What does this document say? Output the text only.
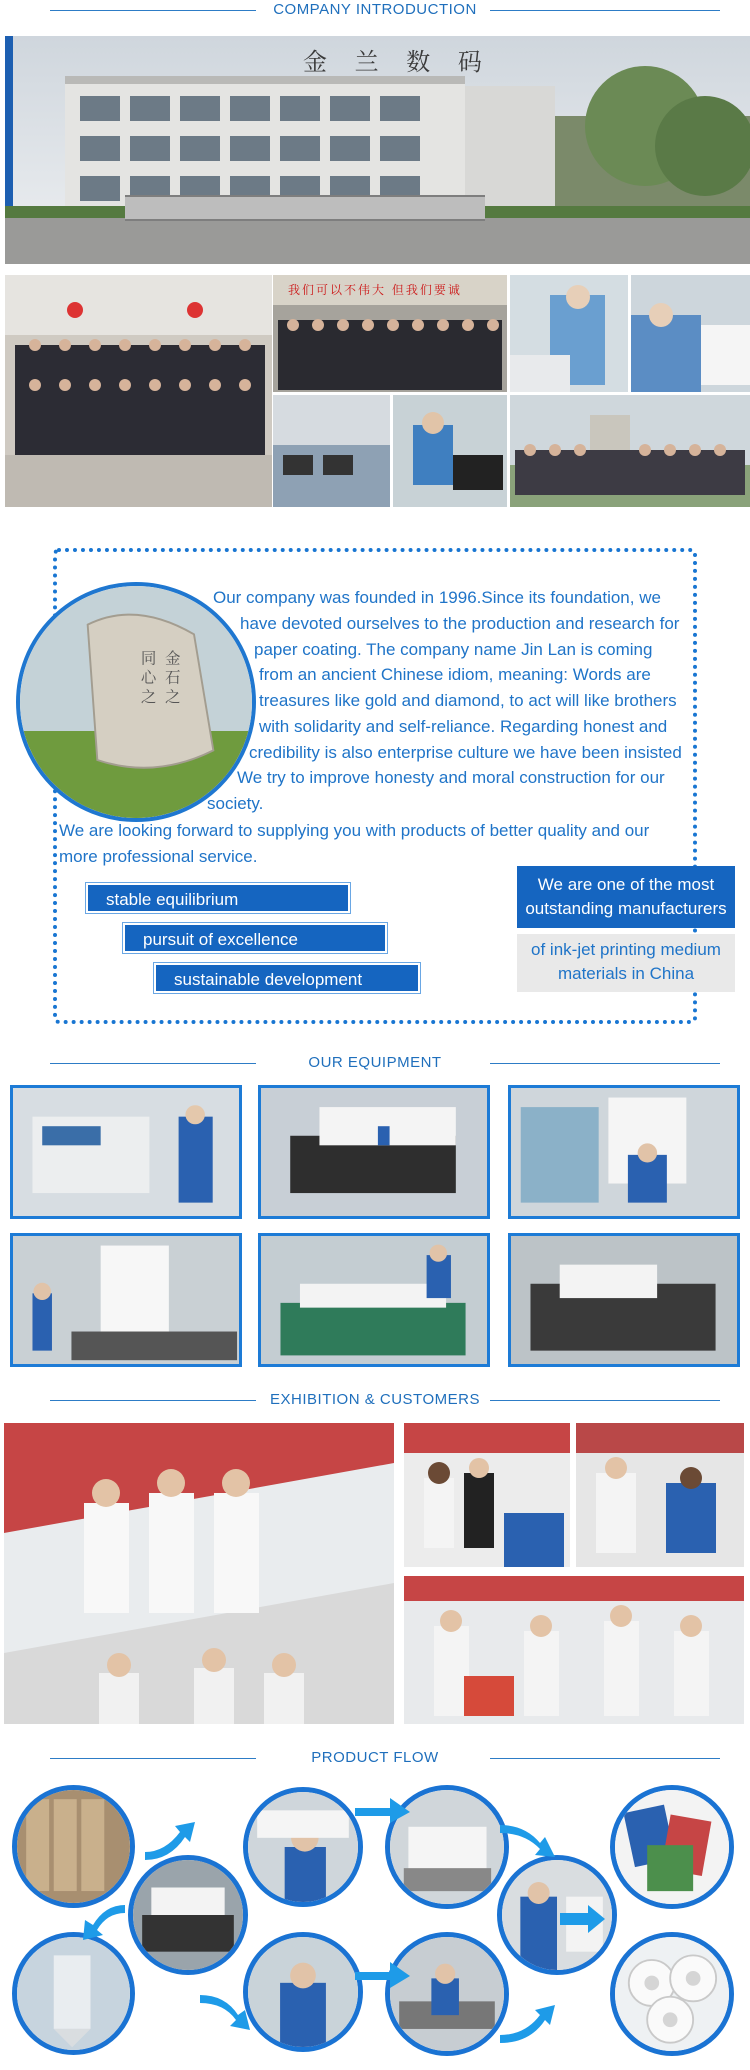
COMPANY INTRODUCTION
金 兰 数 码
我们可以不伟大 但我们要诚
金
石
之
同
心
之
Our company was founded in 1996.Since its foundation, we
have devoted ourselves to the production and research for
paper coating. The company name Jin Lan is coming
from an ancient Chinese idiom, meaning: Words are
treasures like gold and diamond, to act will like brothers
with solidarity and self-reliance. Regarding honest and
credibility is also enterprise culture we have been insisted
We try to improve honesty and moral construction for our
society.
We are looking forward to supplying you with products of better quality and our
more professional service.
stable equilibrium
pursuit of excellence
sustainable development
We are one of the most
outstanding manufacturers
of ink-jet printing medium
materials in China
OUR EQUIPMENT
EXHIBITION & CUSTOMERS
PRODUCT FLOW
